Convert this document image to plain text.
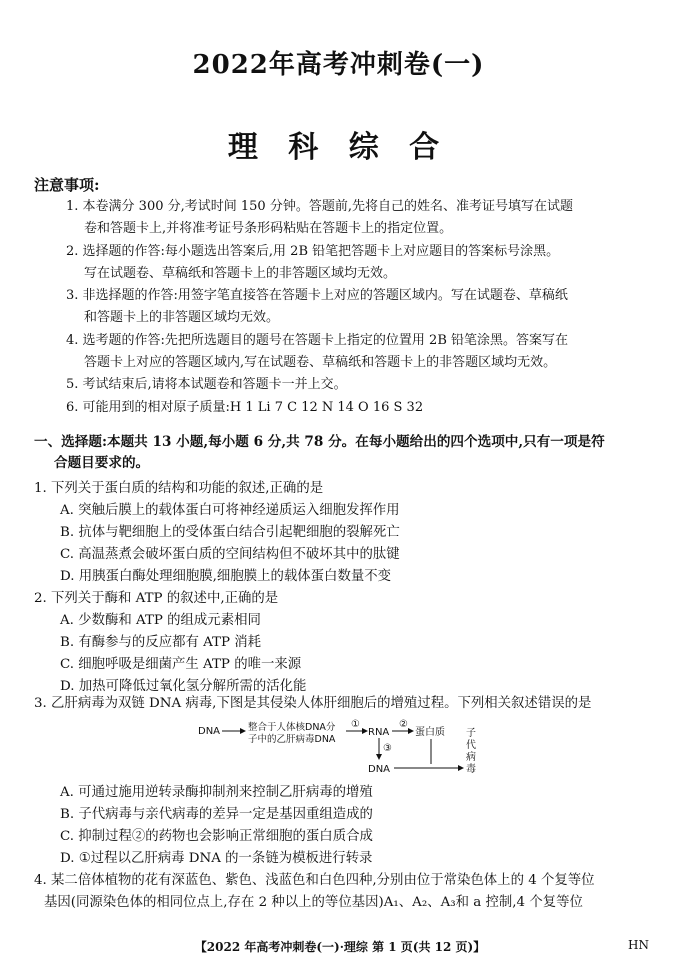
2022年高考冲刺卷(一)
理 科 综 合
注意事项:
1. 本卷满分 300 分,考试时间 150 分钟。答题前,先将自己的姓名、准考证号填写在试题
卷和答题卡上,并将准考证号条形码粘贴在答题卡上的指定位置。
2. 选择题的作答:每小题选出答案后,用 2B 铅笔把答题卡上对应题目的答案标号涂黑。
写在试题卷、草稿纸和答题卡上的非答题区域均无效。
3. 非选择题的作答:用签字笔直接答在答题卡上对应的答题区域内。写在试题卷、草稿纸
和答题卡上的非答题区域均无效。
4. 选考题的作答:先把所选题目的题号在答题卡上指定的位置用 2B 铅笔涂黑。答案写在
答题卡上对应的答题区域内,写在试题卷、草稿纸和答题卡上的非答题区域均无效。
5. 考试结束后,请将本试题卷和答题卡一并上交。
6. 可能用到的相对原子质量:H 1 Li 7 C 12 N 14 O 16 S 32
一、选择题:本题共 13 小题,每小题 6 分,共 78 分。在每小题给出的四个选项中,只有一项是符
合题目要求的。
1. 下列关于蛋白质的结构和功能的叙述,正确的是
A. 突触后膜上的载体蛋白可将神经递质运入细胞发挥作用
B. 抗体与靶细胞上的受体蛋白结合引起靶细胞的裂解死亡
C. 高温蒸煮会破坏蛋白质的空间结构但不破坏其中的肽键
D. 用胰蛋白酶处理细胞膜,细胞膜上的载体蛋白数量不变
2. 下列关于酶和 ATP 的叙述中,正确的是
A. 少数酶和 ATP 的组成元素相同
B. 有酶参与的反应都有 ATP 消耗
C. 细胞呼吸是细菌产生 ATP 的唯一来源
D. 加热可降低过氧化氢分解所需的活化能
3. 乙肝病毒为双链 DNA 病毒,下图是其侵染人体肝细胞后的增殖过程。下列相关叙述错误的是
DNA	整合于人体核DNA分
子中的乙肝病毒DNA
①
RNA
②
蛋白质
③
DNA
子
代
病
毒
A. 可通过施用逆转录酶抑制剂来控制乙肝病毒的增殖
B. 子代病毒与亲代病毒的差异一定是基因重组造成的
C. 抑制过程②的药物也会影响正常细胞的蛋白质合成
D. ①过程以乙肝病毒 DNA 的一条链为模板进行转录
4. 某二倍体植物的花有深蓝色、紫色、浅蓝色和白色四种,分别由位于常染色体上的 4 个复等位
基因(同源染色体的相同位点上,存在 2 种以上的等位基因)A₁、A₂、A₃和 a 控制,4 个复等位
【2022 年高考冲刺卷(一)·理综 第 1 页(共 12 页)】	HN
